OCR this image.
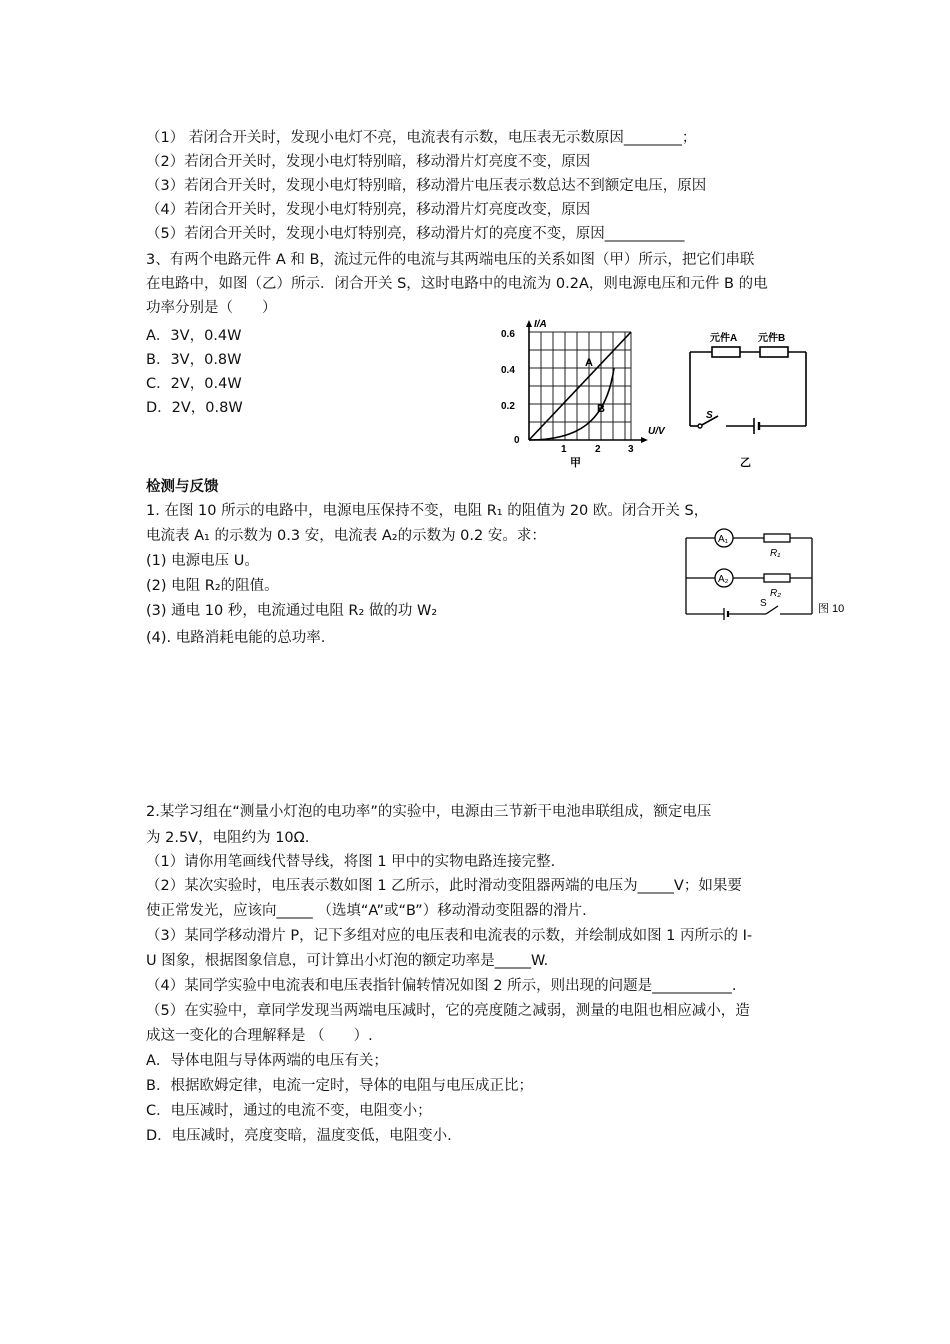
（1） 若闭合开关时，发现小电灯不亮，电流表有示数，电压表无示数原因________；
（2）若闭合开关时，发现小电灯特别暗，移动滑片灯亮度不变，原因
（3）若闭合开关时，发现小电灯特别暗，移动滑片电压表示数总达不到额定电压，原因
（4）若闭合开关时，发现小电灯特别亮，移动滑片灯亮度改变，原因
（5）若闭合开关时，发现小电灯特别亮，移动滑片灯的亮度不变，原因___________
3、有两个电路元件 A 和 B，流过元件的电流与其两端电压的关系如图（甲）所示，把它们串联
在电路中，如图（乙）所示．闭合开关 S，这时电路中的电流为 0.2A，则电源电压和元件 B 的电
功率分别是（　　）
A．3V，0.4W
B．3V，0.8W
C．2V，0.4W
D．2V，0.8W
I/A
U/V
0.6
0.4
0.2
0
1	2	3
A
B
甲
元件A 元件B
S
乙
检测与反馈
1. 在图 10 所示的电路中，电源电压保持不变，电阻 R₁ 的阻值为 20 欧。闭合开关 S，
电流表 A₁ 的示数为 0.3 安，电流表 A₂的示数为 0.2 安。求：
(1) 电源电压 U。
(2) 电阻 R₂的阻值。
(3) 通电 10 秒，电流通过电阻 R₂ 做的功 W₂
(4). 电路消耗电能的总功率.
A₁
A₂
R₁
R₂
S	图 10
2.某学习组在“测量小灯泡的电功率”的实验中，电源由三节新干电池串联组成，额定电压
为 2.5V，电阻约为 10Ω.
（1）请你用笔画线代替导线，将图 1 甲中的实物电路连接完整.
（2）某次实验时，电压表示数如图 1 乙所示，此时滑动变阻器两端的电压为_____V；如果要
使正常发光，应该向_____ （选填“A”或“B”）移动滑动变阻器的滑片.
（3）某同学移动滑片 P，记下多组对应的电压表和电流表的示数，并绘制成如图 1 丙所示的 I-
U 图象，根据图象信息，可计算出小灯泡的额定功率是_____W.
（4）某同学实验中电流表和电压表指针偏转情况如图 2 所示，则出现的问题是___________.
（5）在实验中，章同学发现当两端电压减时，它的亮度随之减弱，测量的电阻也相应减小，造
成这一变化的合理解释是 （　　）.
A．导体电阻与导体两端的电压有关；
B．根据欧姆定律，电流一定时，导体的电阻与电压成正比；
C．电压减时，通过的电流不变，电阻变小；
D．电压减时，亮度变暗，温度变低，电阻变小.
